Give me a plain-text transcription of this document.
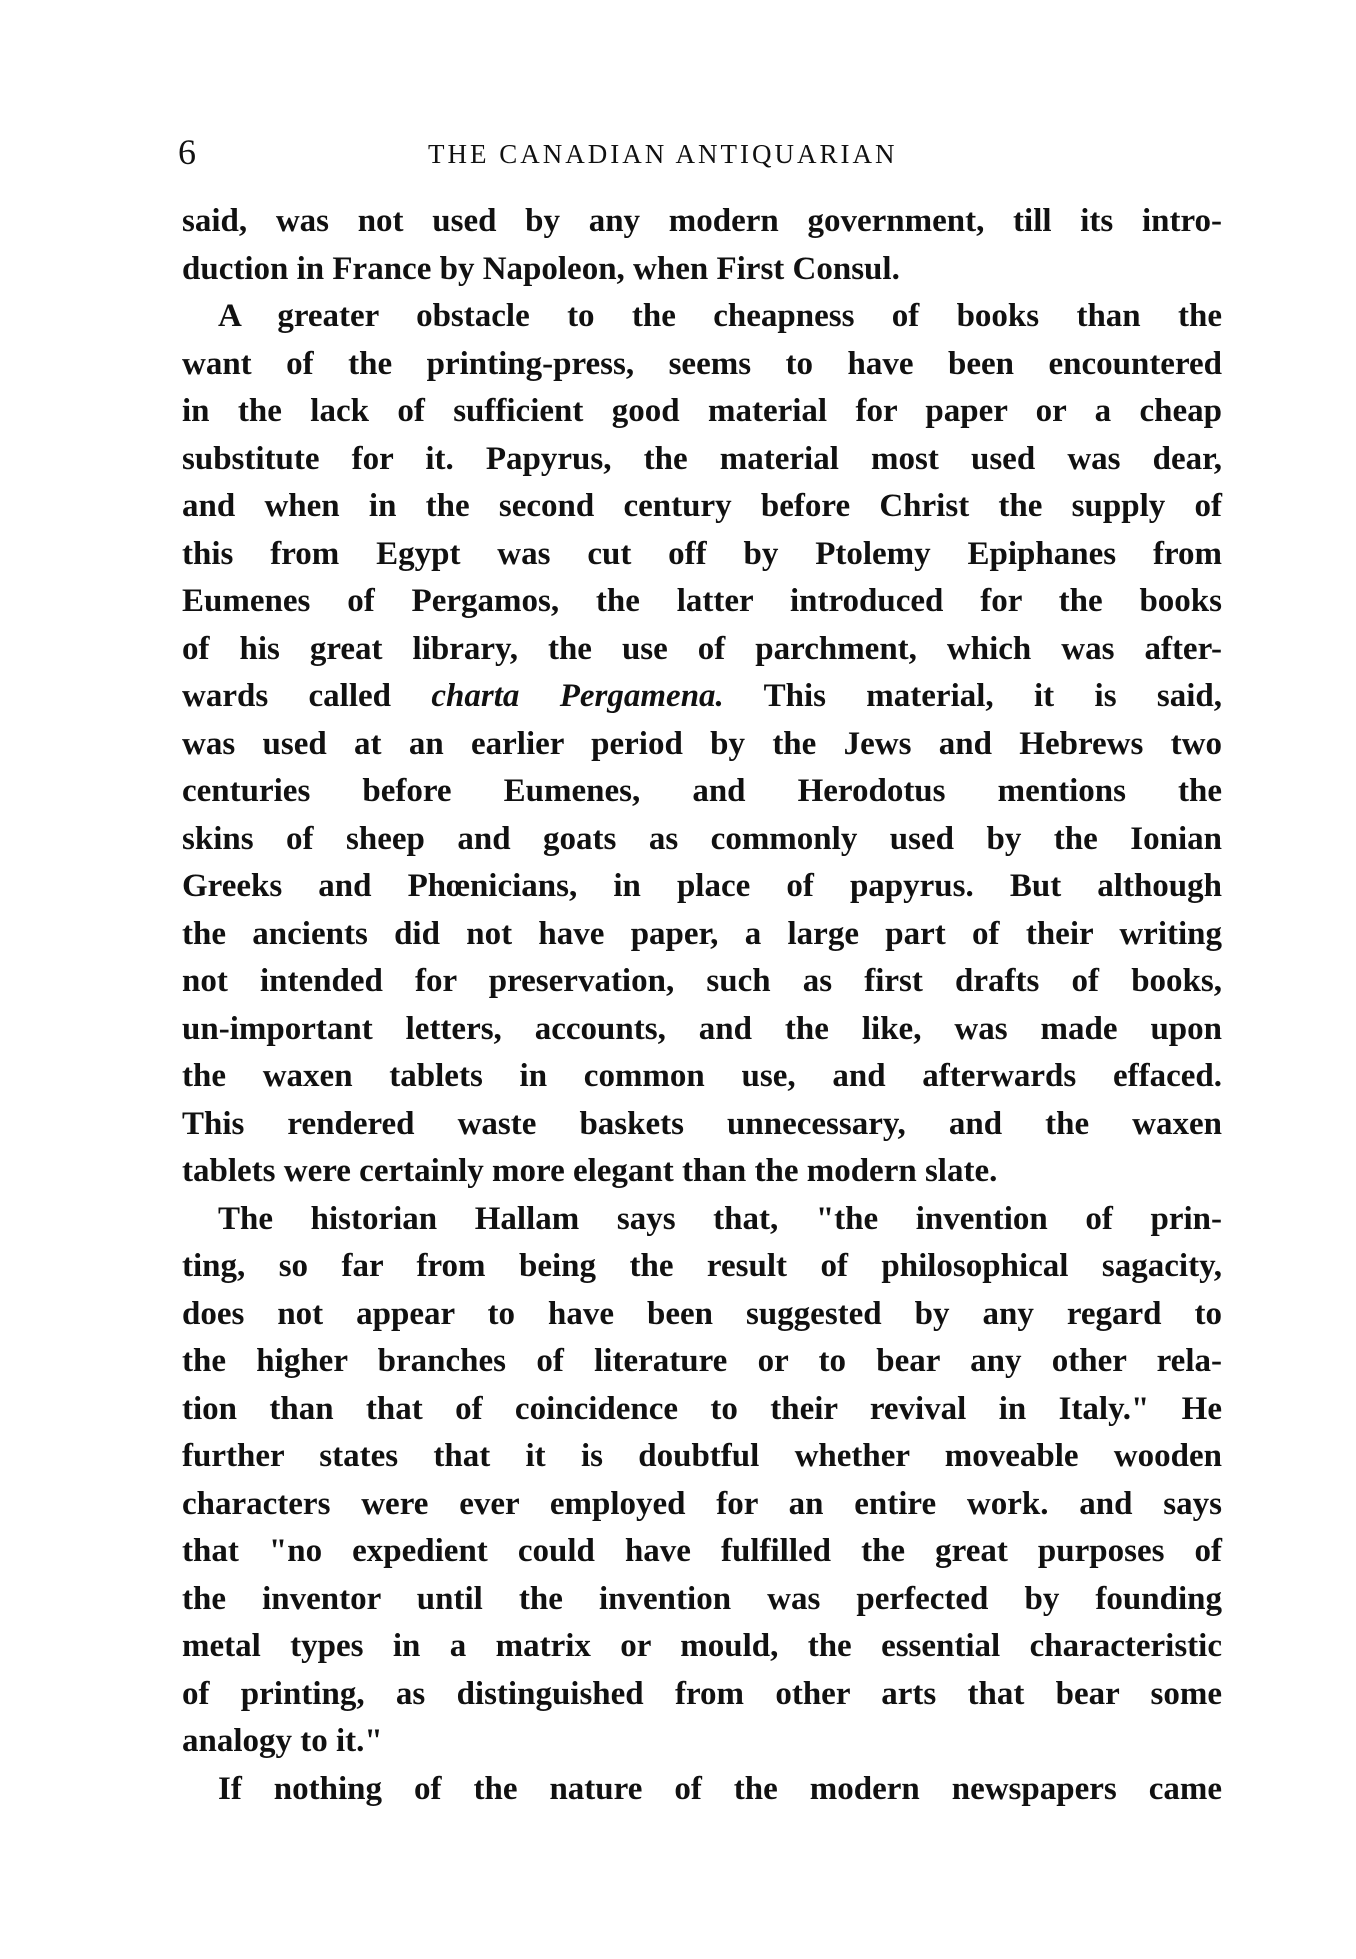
6	THE CANADIAN ANTIQUARIAN
said, was not used by any modern government, till its intro-
duction in France by Napoleon, when First Consul.
A greater obstacle to the cheapness of books than the
want of the printing-press, seems to have been encountered
in the lack of sufficient good material for paper or a cheap
substitute for it. Papyrus, the material most used was dear,
and when in the second century before Christ the supply of
this from Egypt was cut off by Ptolemy Epiphanes from
Eumenes of Pergamos, the latter introduced for the books
of his great library, the use of parchment, which was after-
wards called charta Pergamena. This material, it is said,
was used at an earlier period by the Jews and Hebrews two
centuries before Eumenes, and Herodotus mentions the
skins of sheep and goats as commonly used by the Ionian
Greeks and Phœnicians, in place of papyrus. But although
the ancients did not have paper, a large part of their writing
not intended for preservation, such as first drafts of books,
un-important letters, accounts, and the like, was made upon
the waxen tablets in common use, and afterwards effaced.
This rendered waste baskets unnecessary, and the waxen
tablets were certainly more elegant than the modern slate.
The historian Hallam says that, "the invention of prin-
ting, so far from being the result of philosophical sagacity,
does not appear to have been suggested by any regard to
the higher branches of literature or to bear any other rela-
tion than that of coincidence to their revival in Italy." He
further states that it is doubtful whether moveable wooden
characters were ever employed for an entire work. and says
that "no expedient could have fulfilled the great purposes of
the inventor until the invention was perfected by founding
metal types in a matrix or mould, the essential characteristic
of printing, as distinguished from other arts that bear some
analogy to it."
If nothing of the nature of the modern newspapers came
